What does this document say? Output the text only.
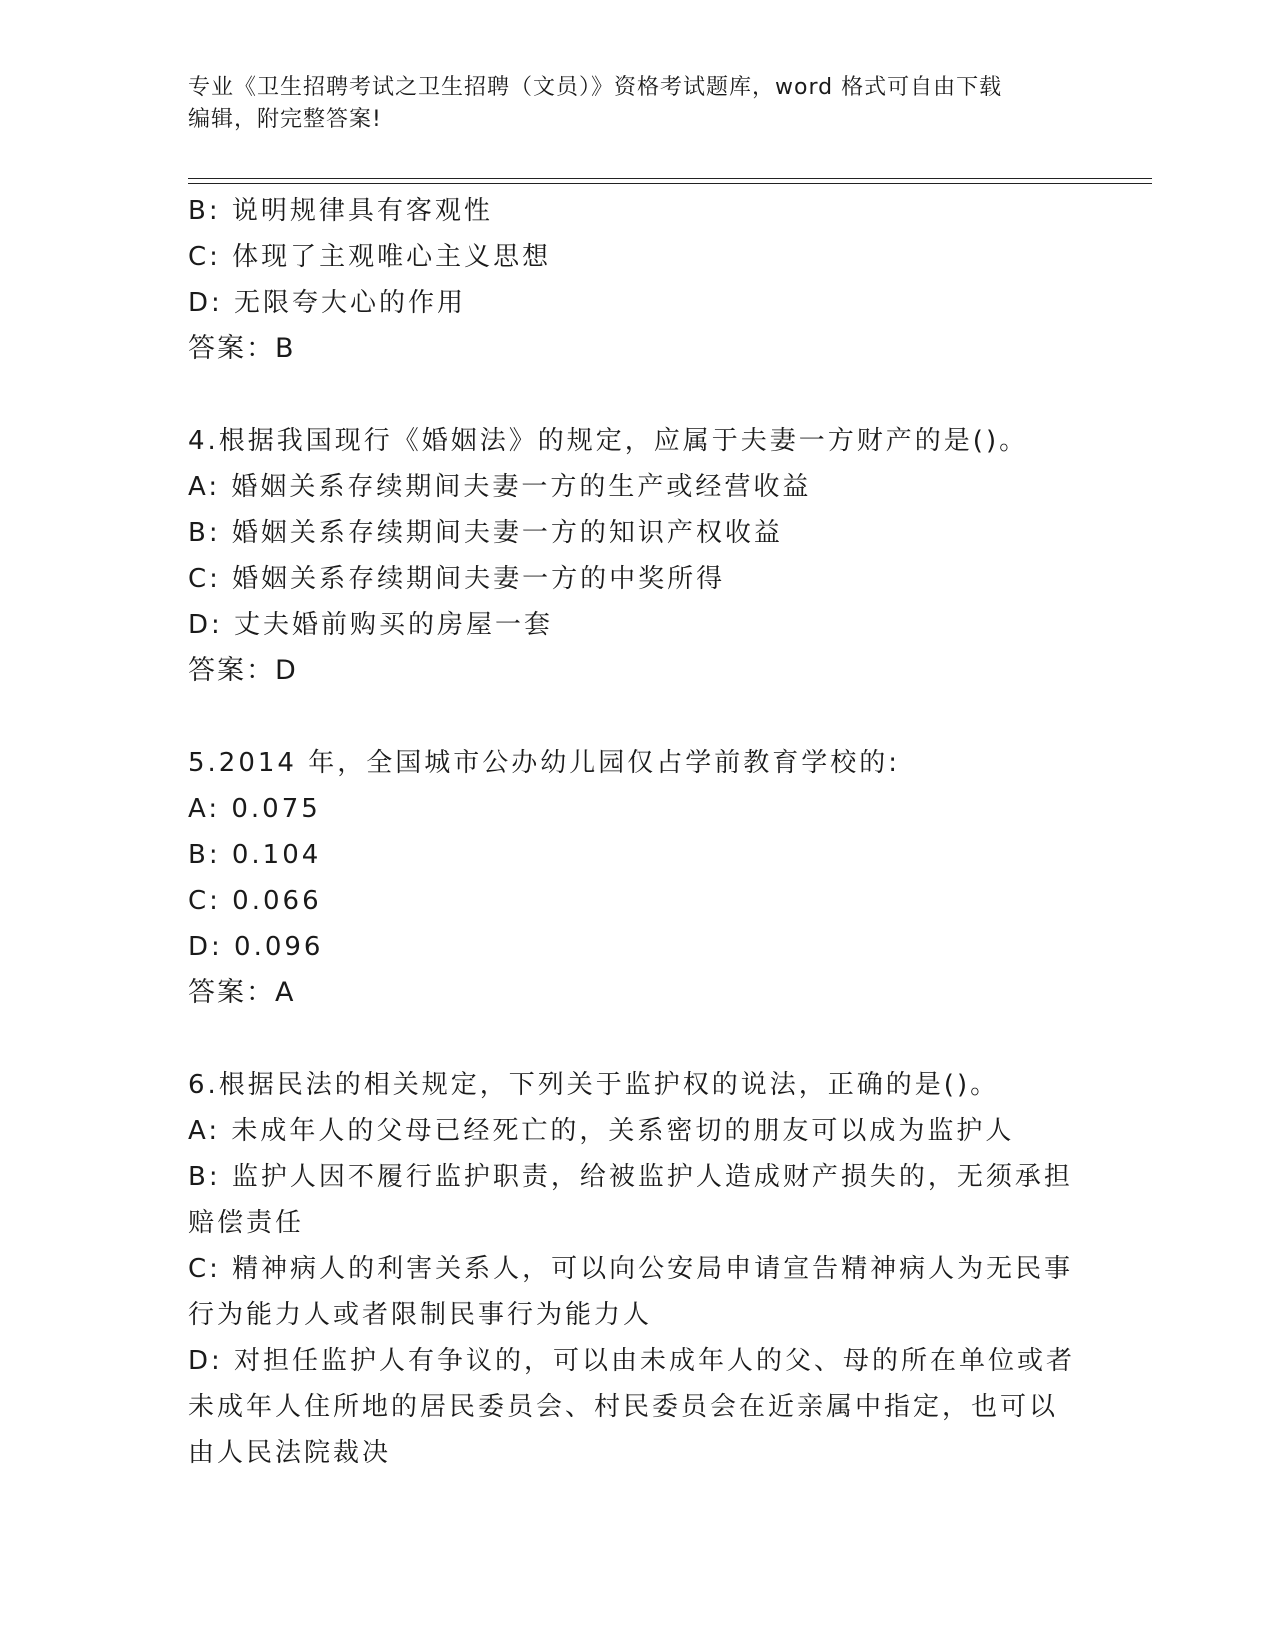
专业《卫生招聘考试之卫生招聘（文员）》资格考试题库，word 格式可自由下载
编辑，附完整答案!
B: 说明规律具有客观性
C: 体现了主观唯心主义思想
D: 无限夸大心的作用
答案：B
4.根据我国现行《婚姻法》的规定，应属于夫妻一方财产的是()。
A: 婚姻关系存续期间夫妻一方的生产或经营收益
B: 婚姻关系存续期间夫妻一方的知识产权收益
C: 婚姻关系存续期间夫妻一方的中奖所得
D: 丈夫婚前购买的房屋一套
答案：D
5.2014 年，全国城市公办幼儿园仅占学前教育学校的:
A: 0.075
B: 0.104
C: 0.066
D: 0.096
答案：A
6.根据民法的相关规定，下列关于监护权的说法，正确的是()。
A: 未成年人的父母已经死亡的，关系密切的朋友可以成为监护人
B: 监护人因不履行监护职责，给被监护人造成财产损失的，无须承担赔偿责任
C: 精神病人的利害关系人，可以向公安局申请宣告精神病人为无民事行为能力人或者限制民事行为能力人
D: 对担任监护人有争议的，可以由未成年人的父、母的所在单位或者未成年人住所地的居民委员会、村民委员会在近亲属中指定，也可以由人民法院裁决
